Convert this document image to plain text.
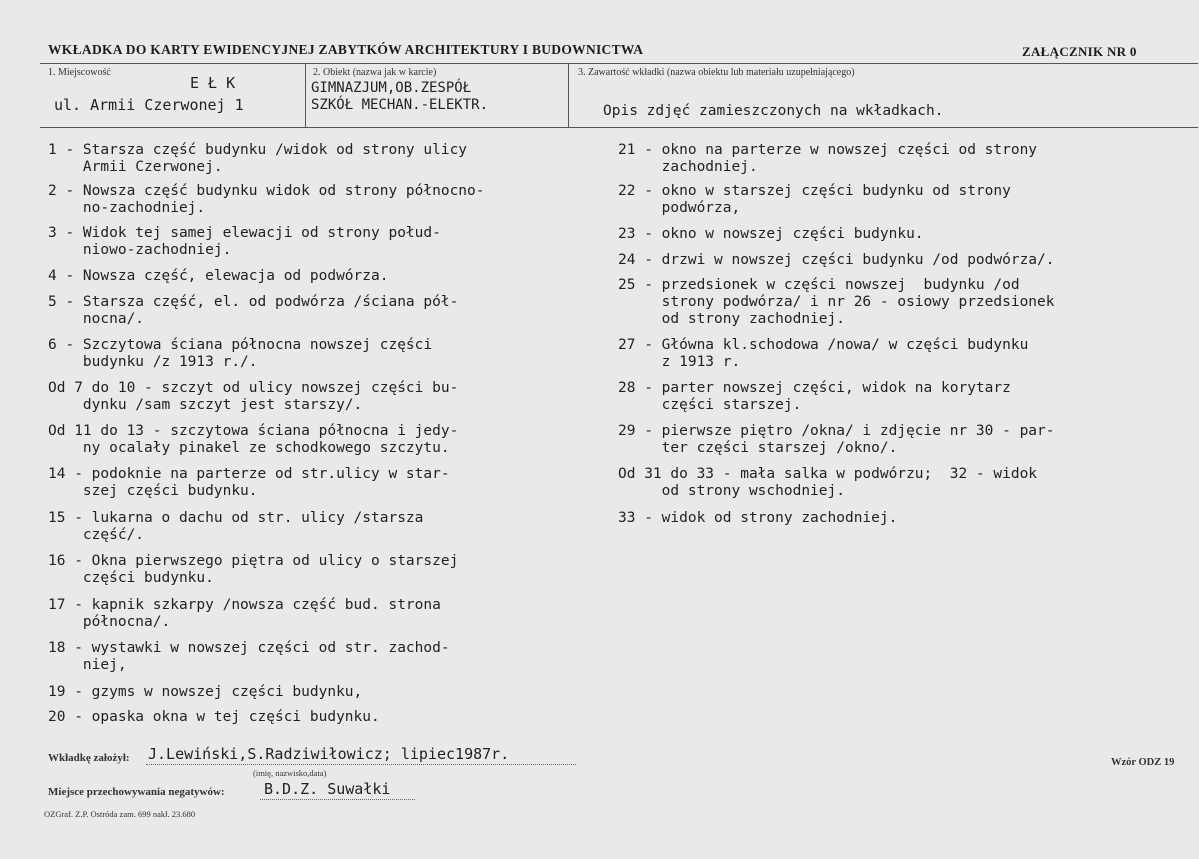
WKŁADKA DO KARTY EWIDENCYJNEJ ZABYTKÓW ARCHITEKTURY I BUDOWNICTWA	ZAŁĄCZNIK NR 0
1. Miejscowość
E Ł K
ul. Armii Czerwonej 1
2. Obiekt (nazwa jak w karcie)
GIMNAZJUM,OB.ZESPÓŁ
SZKÓŁ MECHAN.-ELEKTR.
3. Zawartość wkładki (nazwa obiektu lub materiału uzupełniającego)
Opis zdjęć zamieszczonych na wkładkach.
1 - Starsza część budynku /widok od strony ulicy
Armii Czerwonej.
2 - Nowsza część budynku widok od strony północno-
no-zachodniej.
3 - Widok tej samej elewacji od strony połud-
niowo-zachodniej.
4 - Nowsza część, elewacja od podwórza.
5 - Starsza część, el. od podwórza /ściana pół-
nocna/.
6 - Szczytowa ściana północna nowszej części
budynku /z 1913 r./.
Od 7 do 10 - szczyt od ulicy nowszej części bu-
dynku /sam szczyt jest starszy/.
Od 11 do 13 - szczytowa ściana północna i jedy-
ny ocalały pinakel ze schodkowego szczytu.
14 - podoknie na parterze od str.ulicy w star-
szej części budynku.
15 - lukarna o dachu od str. ulicy /starsza
część/.
16 - Okna pierwszego piętra od ulicy o starszej
części budynku.
17 - kapnik szkarpy /nowsza część bud. strona
północna/.
18 - wystawki w nowszej części od str. zachod-
niej,
19 - gzyms w nowszej części budynku,
20 - opaska okna w tej części budynku.
21 - okno na parterze w nowszej części od strony
zachodniej.
22 - okno w starszej części budynku od strony
podwórza,
23 - okno w nowszej części budynku.
24 - drzwi w nowszej części budynku /od podwórza/.
25 - przedsionek w części nowszej  budynku /od
strony podwórza/ i nr 26 - osiowy przedsionek
od strony zachodniej.
27 - Główna kl.schodowa /nowa/ w części budynku
z 1913 r.
28 - parter nowszej części, widok na korytarz
części starszej.
29 - pierwsze piętro /okna/ i zdjęcie nr 30 - par-
ter części starszej /okno/.
Od 31 do 33 - mała salka w podwórzu;  32 - widok
od strony wschodniej.
33 - widok od strony zachodniej.
Wkładkę założył: J.Lewiński,S.Radziwiłowicz; lipiec1987r.
(imię, nazwisko,data)
Miejsce przechowywania negatywów:	B.D.Z. Suwałki
OZGraf. Z.P. Ostróda zam. 699 nakł. 23.680
Wzór ODZ 19
